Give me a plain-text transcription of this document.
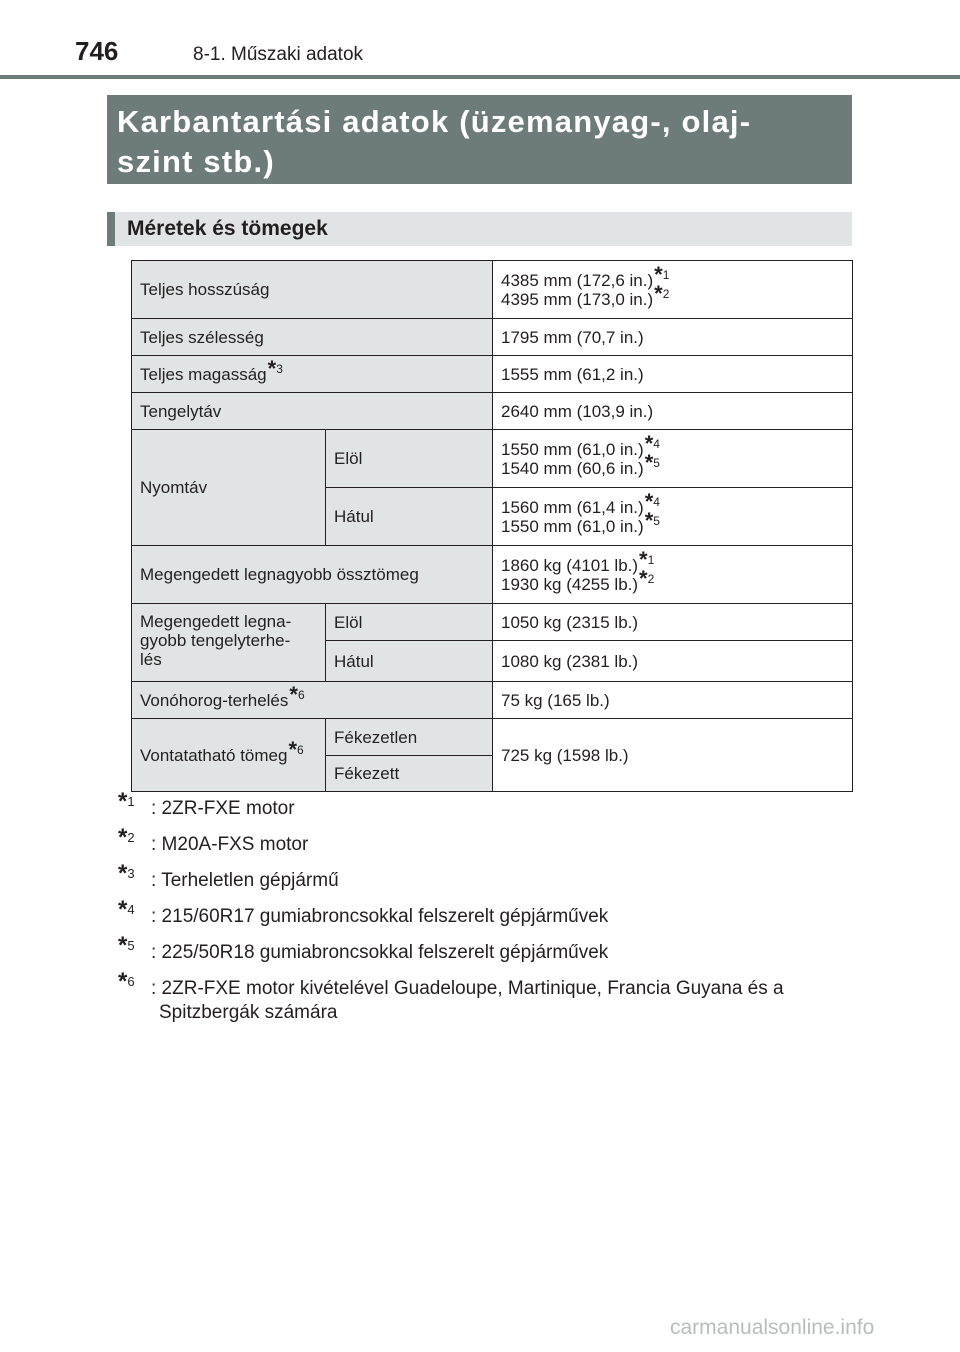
746	8-1. Műszaki adatok
Karbantartási adatok (üzemanyag-, olaj-
szint stb.)
Méretek és tömegek
Teljes hosszúság		4385 mm (172,6 in.)*$^1$
4395 mm (173,0 in.)*$^2$

Teljes szélesség		1795 mm (70,7 in.)
Teljes magasság*$^3$		1555 mm (61,2 in.)
Tengelytáv		2640 mm (103,9 in.)
Nyomtáv	Elöl	1550 mm (61,0 in.)*$^4$
1540 mm (60,6 in.)*$^5$

	Hátul	1560 mm (61,4 in.)*$^4$
1550 mm (61,0 in.)*$^5$

Megengedett legnagyobb össztömeg		1860 kg (4101 lb.)*$^1$
1930 kg (4255 lb.)*$^2$

Megengedett legna-
gyobb tengelyterhe-
lés	Elöl	1050 kg (2315 lb.)
	Hátul	1080 kg (2381 lb.)
Vonóhorog-terhelés*$^6$		75 kg (165 lb.)
Vontatatható tömeg*$^6$	Fékezetlen	725 kg (1598 lb.)
	Fékezett	
*$^1$ : 2ZR-FXE motor
*$^2$ : M20A-FXS motor
*$^3$ : Terheletlen gépjármű
*$^4$ : 215/60R17 gumiabroncsokkal felszerelt gépjárművek
*$^5$ : 225/50R18 gumiabroncsokkal felszerelt gépjárművek
*$^6$ : 2ZR-FXE motor kivételével Guadeloupe, Martinique, Francia Guyana és a
Spitzbergák számára
carmanualsonline.info
